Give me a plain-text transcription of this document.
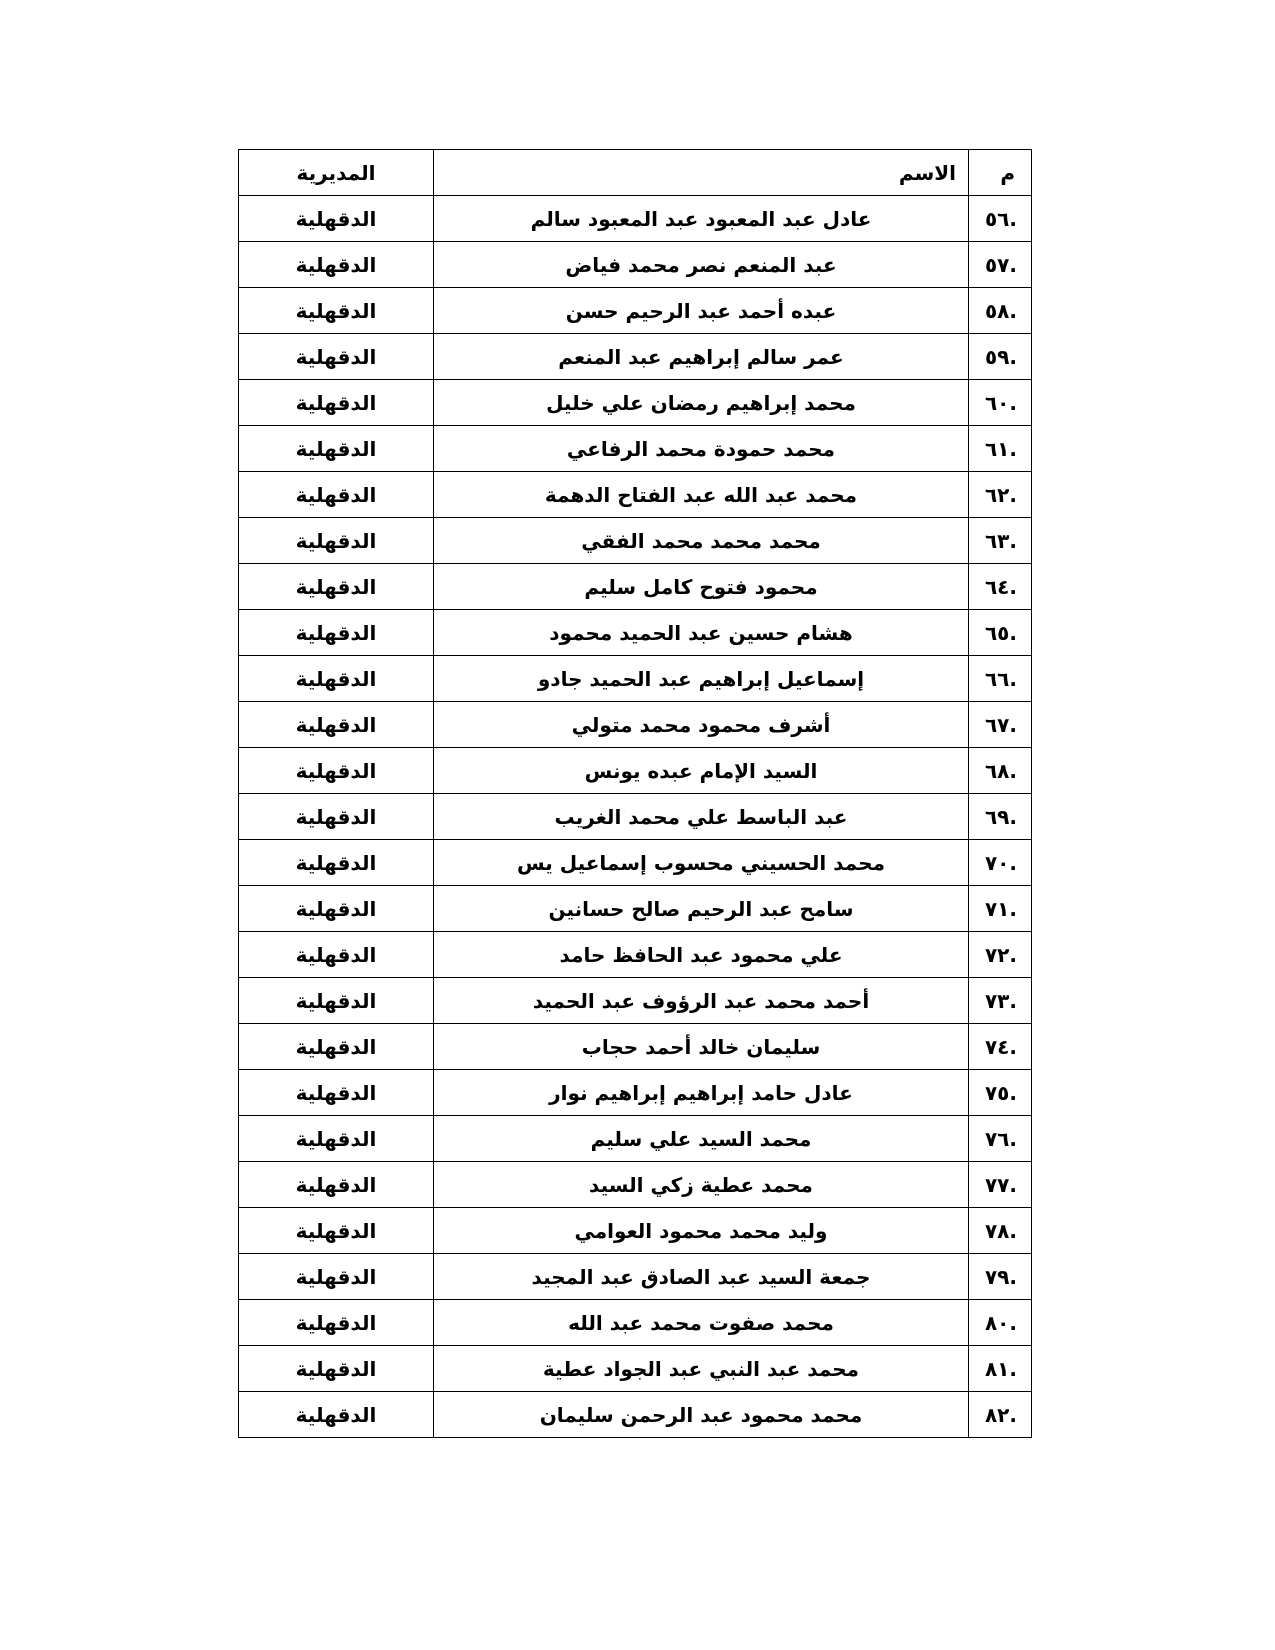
م	الاسم	المديرية
.٥٦	عادل عبد المعبود عبد المعبود سالم	الدقهلية
.٥٧	عبد المنعم نصر محمد فياض	الدقهلية
.٥٨	عبده أحمد عبد الرحيم حسن	الدقهلية
.٥٩	عمر سالم إبراهيم عبد المنعم	الدقهلية
.٦٠	محمد إبراهيم رمضان علي خليل	الدقهلية
.٦١	محمد حمودة محمد الرفاعي	الدقهلية
.٦٢	محمد عبد الله عبد الفتاح الدهمة	الدقهلية
.٦٣	محمد محمد محمد الفقي	الدقهلية
.٦٤	محمود فتوح كامل سليم	الدقهلية
.٦٥	هشام حسين عبد الحميد محمود	الدقهلية
.٦٦	إسماعيل إبراهيم عبد الحميد جادو	الدقهلية
.٦٧	أشرف محمود محمد متولي	الدقهلية
.٦٨	السيد الإمام عبده يونس	الدقهلية
.٦٩	عبد الباسط علي محمد الغريب	الدقهلية
.٧٠	محمد الحسيني محسوب إسماعيل يس	الدقهلية
.٧١	سامح عبد الرحيم صالح حسانين	الدقهلية
.٧٢	علي محمود عبد الحافظ حامد	الدقهلية
.٧٣	أحمد محمد عبد الرؤوف عبد الحميد	الدقهلية
.٧٤	سليمان خالد أحمد حجاب	الدقهلية
.٧٥	عادل حامد إبراهيم إبراهيم نوار	الدقهلية
.٧٦	محمد السيد علي سليم	الدقهلية
.٧٧	محمد عطية زكي السيد	الدقهلية
.٧٨	وليد محمد محمود العوامي	الدقهلية
.٧٩	جمعة السيد عبد الصادق عبد المجيد	الدقهلية
.٨٠	محمد صفوت محمد عبد الله	الدقهلية
.٨١	محمد عبد النبي عبد الجواد عطية	الدقهلية
.٨٢	محمد محمود عبد الرحمن سليمان	الدقهلية
